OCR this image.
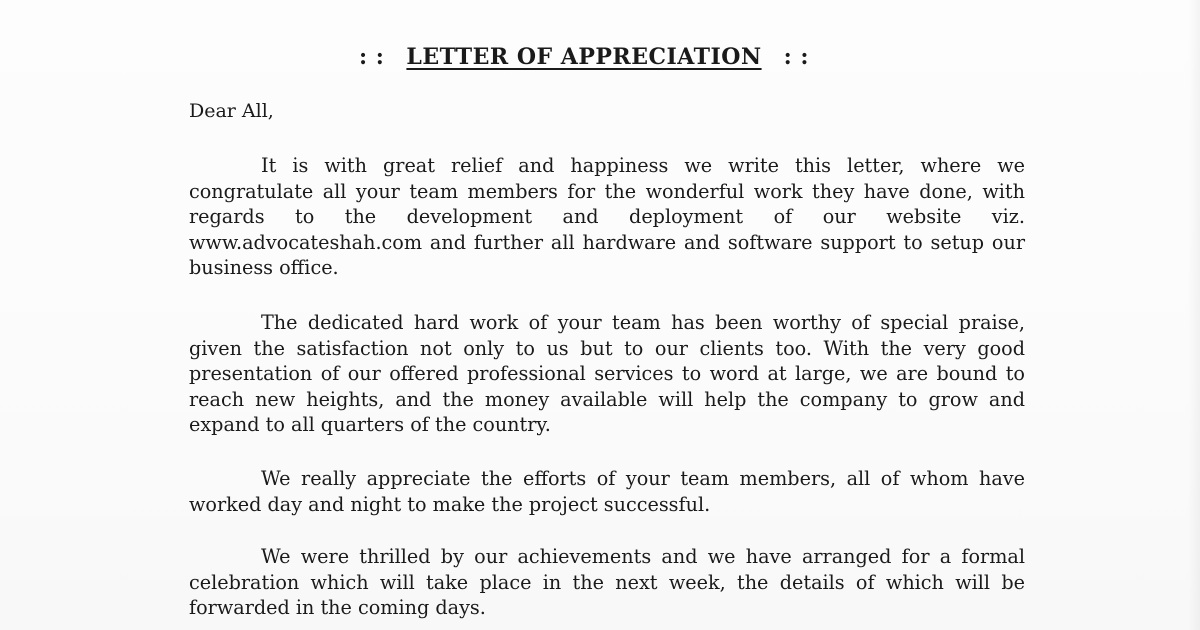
: : LETTER OF APPRECIATION : :
Dear All,

It is with great relief and happiness we write this letter, where we congratulate all your team members for the wonderful work they have done, with regards to the development and deployment of our website viz. www.advocateshah.com and further all hardware and software support to setup our business office.

The dedicated hard work of your team has been worthy of special praise, given the satisfaction not only to us but to our clients too. With the very good presentation of our offered professional services to word at large, we are bound to reach new heights, and the money available will help the company to grow and expand to all quarters of the country.

We really appreciate the efforts of your team members, all of whom have worked day and night to make the project successful.

We were thrilled by our achievements and we have arranged for a formal celebration which will take place in the next week, the details of which will be forwarded in the coming days.
